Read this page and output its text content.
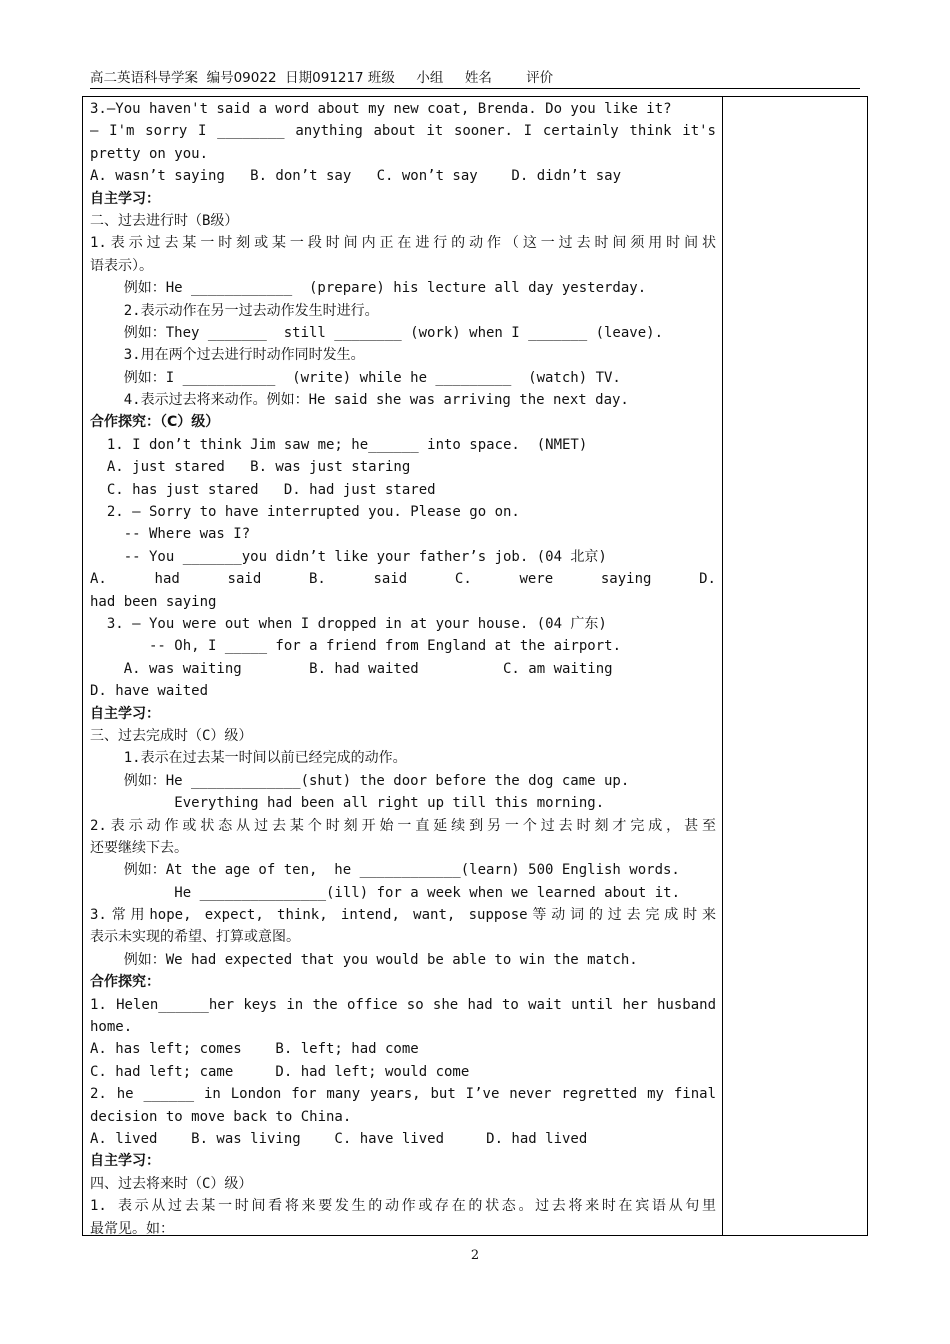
高二英语科导学案  编号09022  日期091217 班级     小组     姓名        评价
3.—You haven't said a word about my new coat, Brenda. Do you like it?
— I'm sorry I ________ anything about it sooner. I certainly think it's
pretty on you.
A. wasn’t saying   B. don’t say   C. won’t say    D. didn’t say
自主学习：
二、过去进行时（B级）
1.表示过去某一时刻或某一段时间内正在进行的动作（这一过去时间须用时间状
语表示）。
例如：He ____________  (prepare) his lecture all day yesterday.
2.表示动作在另一过去动作发生时进行。
例如：They _______  still ________ (work) when I _______ (leave).
3.用在两个过去进行时动作同时发生。
例如：I ___________  (write) while he _________  (watch) TV.
4.表示过去将来动作。例如：He said she was arriving the next day.
合作探究：（C）级）
1. I don’t think Jim saw me; he______ into space.  (NMET)
A. just stared   B. was just staring
C. has just stared   D. had just stared
2. – Sorry to have interrupted you. Please go on.
-- Where was I?
-- You _______you didn’t like your father’s job. (04 北京)
A. had said B. said C. were saying D.
had been saying
3. – You were out when I dropped in at your house. (04 广东)
-- Oh, I _____ for a friend from England at the airport.
A. was waiting        B. had waited          C. am waiting
D. have waited
自主学习：
三、过去完成时（C）级）
1.表示在过去某一时间以前已经完成的动作。
例如：He _____________(shut) the door before the dog came up.
Everything had been all right up till this morning.
2.表示动作或状态从过去某个时刻开始一直延续到另一个过去时刻才完成，甚至
还要继续下去。
例如：At the age of ten,  he ____________(learn) 500 English words.
He _______________(ill) for a week when we learned about it.
3.常用hope, expect, think, intend, want, suppose等动词的过去完成时来
表示未实现的希望、打算或意图。
例如：We had expected that you would be able to win the match.
合作探究：
1. Helen______her keys in the office so she had to wait until her husband
home.
A. has left; comes    B. left; had come
C. had left; came     D. had left; would come
2. he ______ in London for many years, but I’ve never regretted my final
decision to move back to China.
A. lived    B. was living    C. have lived     D. had lived
自主学习：
四、过去将来时（C）级）
1. 表示从过去某一时间看将来要发生的动作或存在的状态。过去将来时在宾语从句里
最常见。如：
2
